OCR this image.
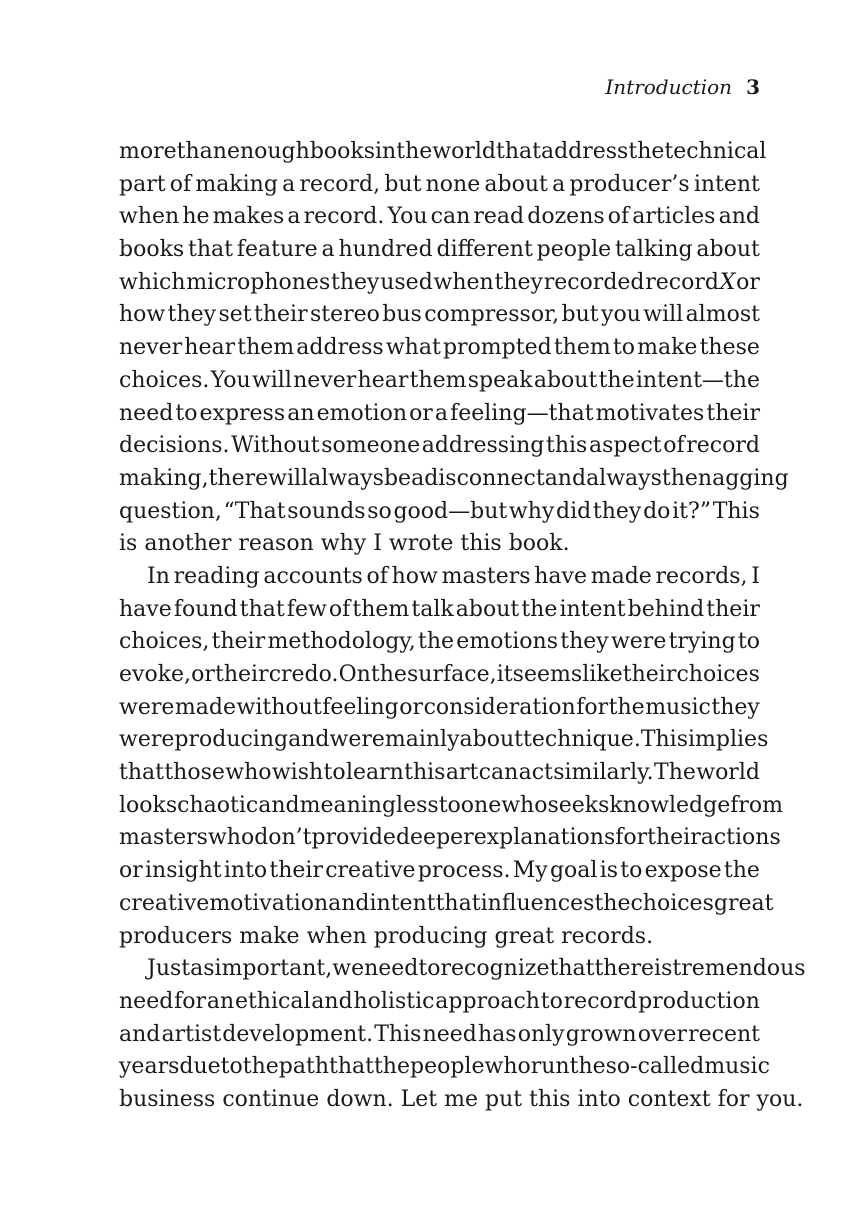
Introduction 3
more than enough books in the world that address the technical
part of making a record, but none about a producer’s intent
when he makes a record. You can read dozens of articles and
books that feature a hundred different people talking about
which microphones they used when they recorded record X or
how they set their stereo bus compressor, but you will almost
never hear them address what prompted them to make these
choices. You will never hear them speak about the intent—the
need to express an emotion or a feeling—that motivates their
decisions. Without someone addressing this aspect of record
making, there will always be a disconnect and always the nagging
question, “That sounds so good—but why did they do it?” This
is another reason why I wrote this book.
In reading accounts of how masters have made records, I
have found that few of them talk about the intent behind their
choices, their methodology, the emotions they were trying to
evoke, or their credo. On the surface, it seems like their choices
were made without feeling or consideration for the music they
were producing and were mainly about technique. This implies
that those who wish to learn this art can act similarly. The world
looks chaotic and meaningless to one who seeks knowledge from
masters who don’t provide deeper explanations for their actions
or insight into their creative process. My goal is to expose the
creative motivation and intent that influences the choices great
producers make when producing great records.
Just as important, we need to recognize that there is tremendous
need for an ethical and holistic approach to record production
and artist development. This need has only grown over recent
years due to the path that the people who run the so-called music
business continue down. Let me put this into context for you.
